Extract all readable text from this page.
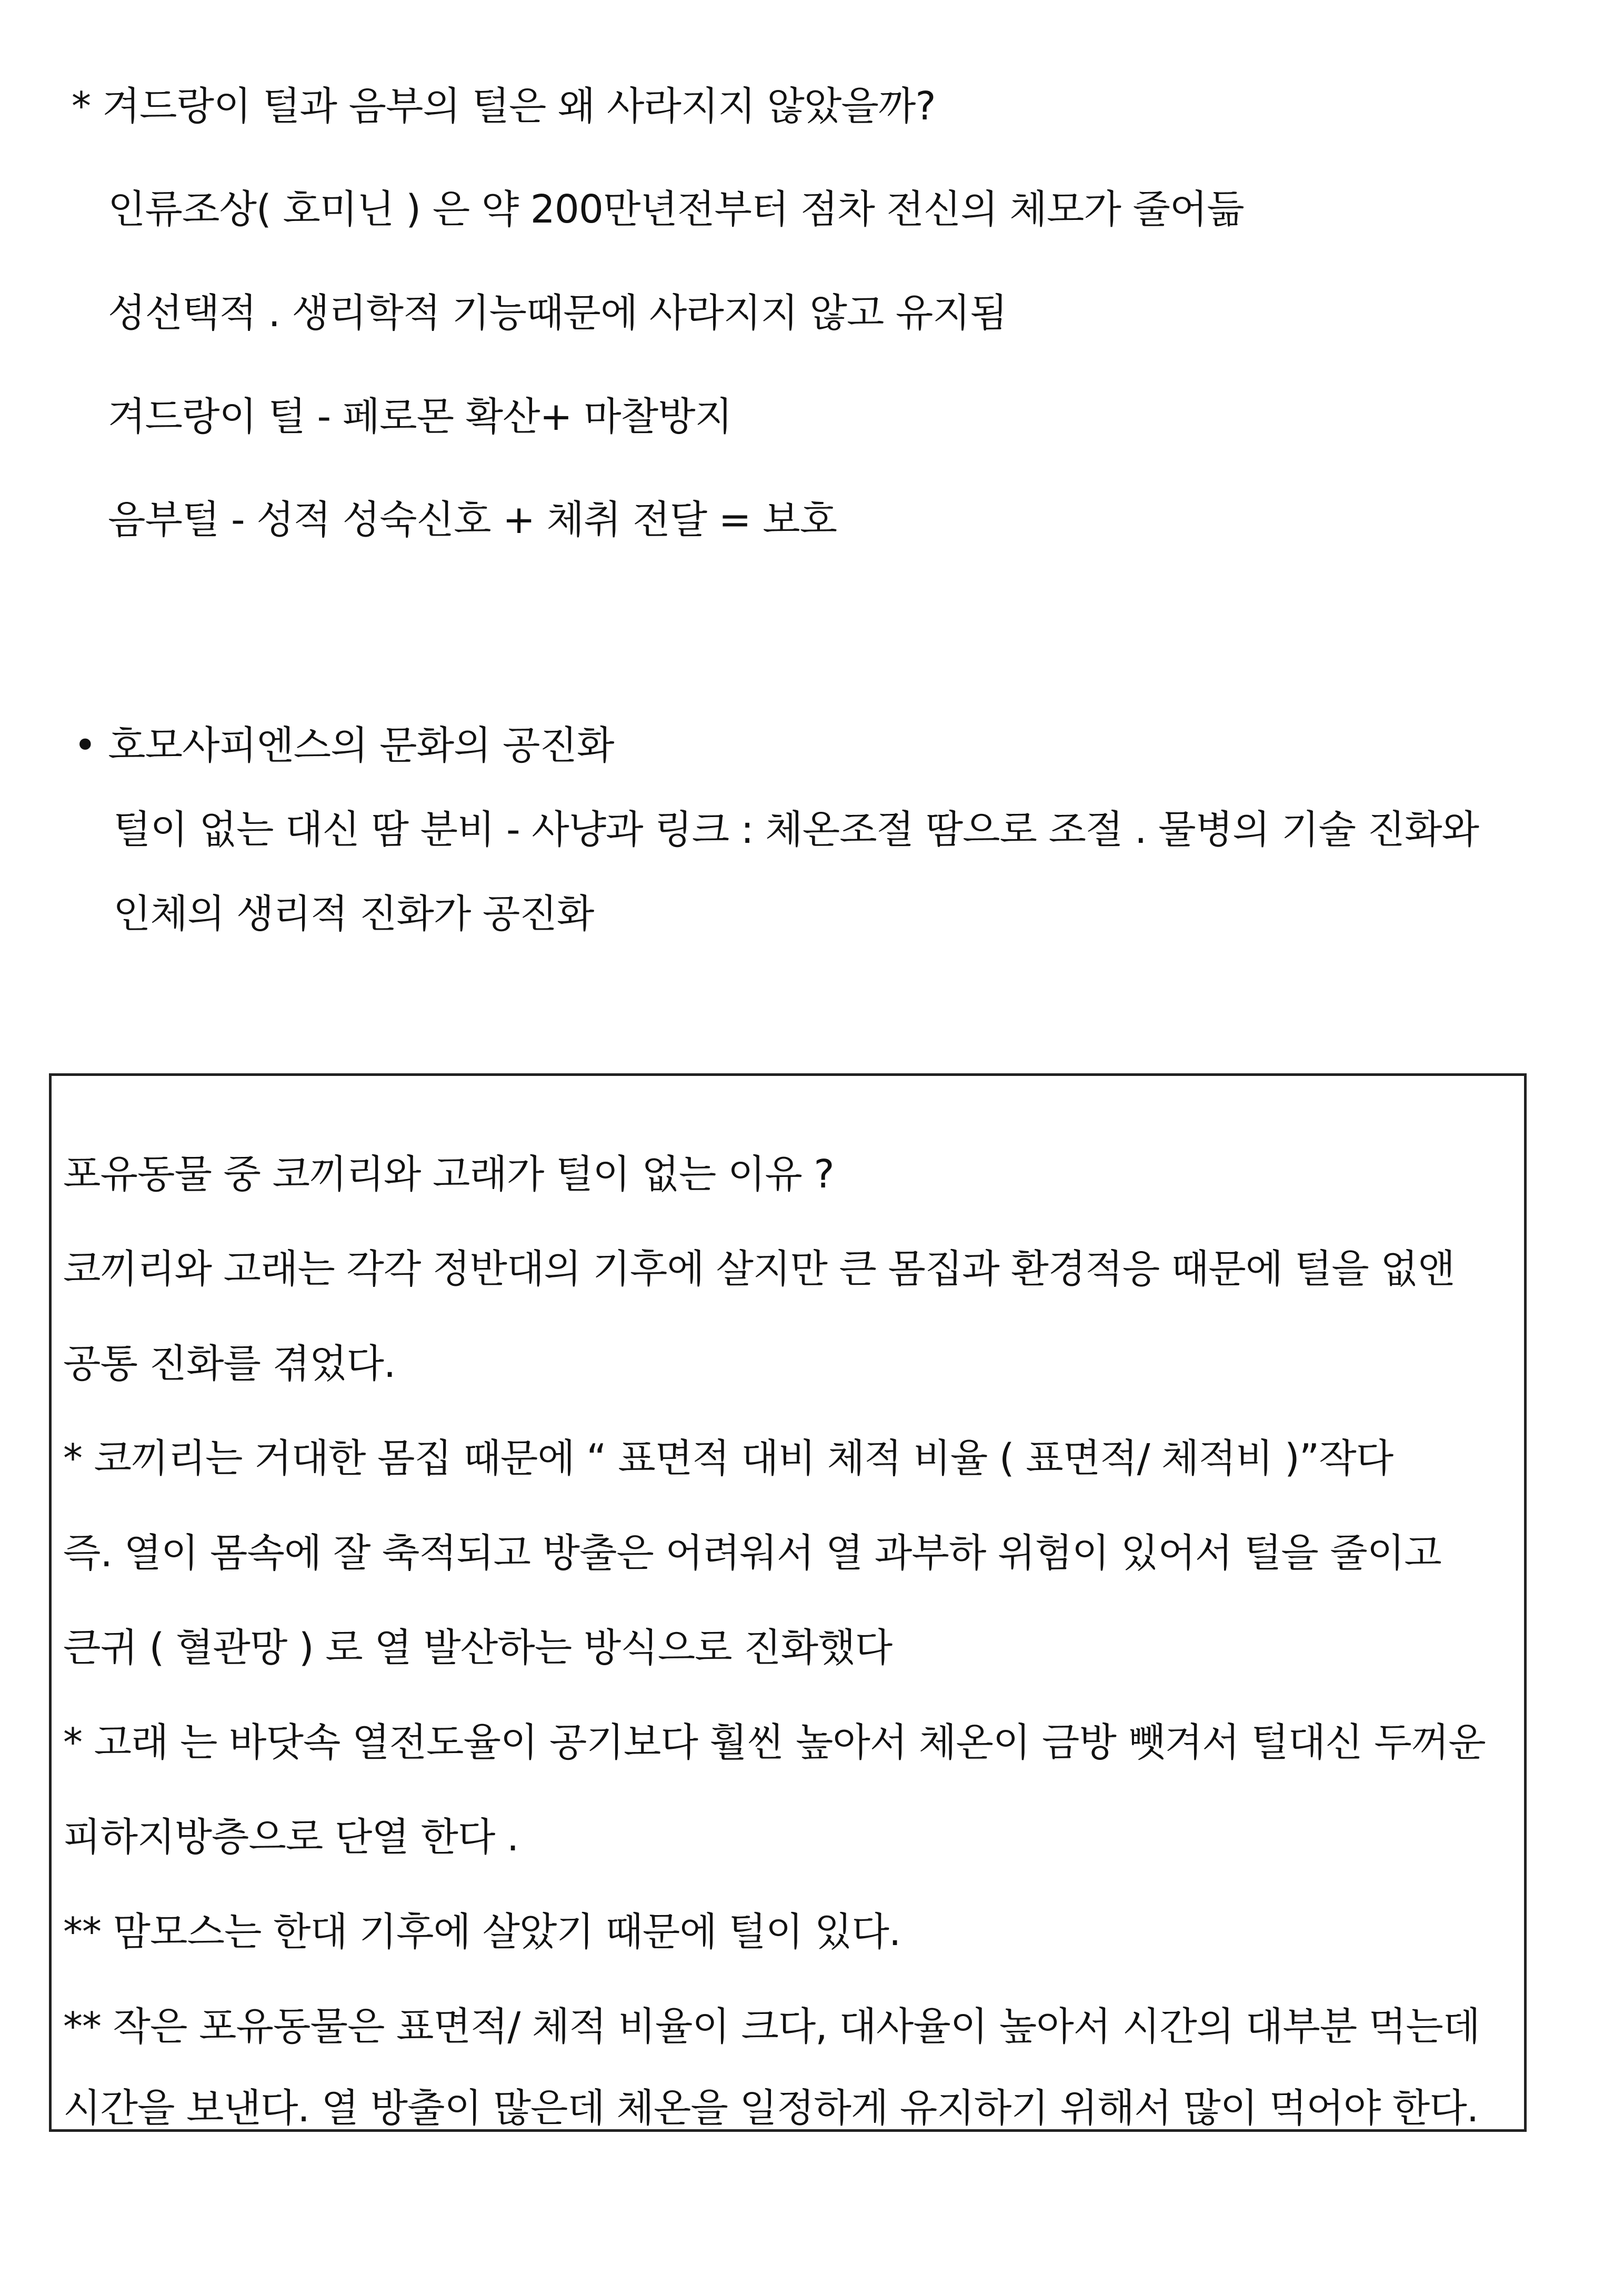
* 겨드랑이 털과 음부의 털은 왜 사라지지 않았을까?
인류조상( 호미닌 ) 은 약 200만년전부터 점차 전신의 체모가 줄어듦
성선택적 . 생리학적 기능때문에 사라지지 않고 유지됨
겨드랑이 털 - 페로몬 확산+ 마찰방지
음부털 - 성적 성숙신호 + 체취 전달 = 보호
• 호모사피엔스의 문화의 공진화
털이 없는 대신 땀 분비 - 사냥과 링크 : 체온조절 땀으로 조절 . 물병의 기술 진화와
인체의 생리적 진화가 공진화
포유동물 중 코끼리와 고래가 털이 없는 이유 ?
코끼리와 고래는 각각 정반대의 기후에 살지만 큰 몸집과 환경적응 때문에 털을 없앤
공통 진화를 겪었다.
* 코끼리는 거대한 몸집 때문에 “ 표면적 대비 체적 비율 ( 표면적/ 체적비 )”작다
즉. 열이 몸속에 잘 축적되고 방출은 어려워서 열 과부하 위험이 있어서 털을 줄이고
큰귀 ( 혈관망 ) 로 열 발산하는 방식으로 진화했다
* 고래 는 바닷속 열전도율이 공기보다 훨씬 높아서 체온이 금방 뺏겨서 털대신 두꺼운
피하지방층으로 단열 한다 .
** 맘모스는 한대 기후에 살았기 때문에 털이 있다.
** 작은 포유동물은 표면적/ 체적 비율이 크다, 대사율이 높아서 시간의 대부분 먹는데
시간을 보낸다. 열 방출이 많은데 체온을 일정하게 유지하기 위해서 많이 먹어야 한다.
